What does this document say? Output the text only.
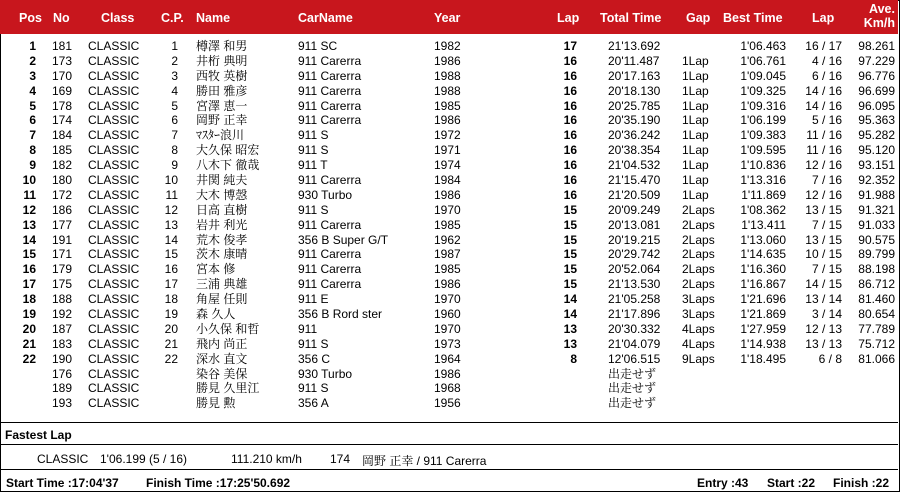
Pos No	Class C.P. Name	CarName	Year	Lap Total Time Gap Best Time Lap
Ave.
Km/h
1	181 CLASSIC	1 樽澤 和男	911 SC	1982	17	21'13.692	1'06.463	16 / 17	98.261
2	173 CLASSIC	2 井桁 典明	911 Carerra	1986	16	20'11.487 1Lap	1'06.761	4 / 16	97.229
3	170 CLASSIC	3 西牧 英樹	911 Carerra	1988	16	20'17.163 1Lap	1'09.045	6 / 16	96.776
4	169 CLASSIC	4 勝田 雅彦	911 Carerra	1988	16	20'18.130 1Lap	1'09.325	14 / 16	96.699
5	178 CLASSIC	5 宮澤 恵一	911 Carerra	1985	16	20'25.785 1Lap	1'09.316	14 / 16	96.095
6	174 CLASSIC	6 岡野 正幸	911 Carerra	1986	16	20'35.190 1Lap	1'06.199	5 / 16	95.363
7	184 CLASSIC	7 ﾏｽﾀｰ浪川	911 S	1972	16	20'36.242 1Lap	1'09.383	11 / 16	95.282
8	185 CLASSIC	8 大久保 昭宏	911 S	1971	16	20'38.354 1Lap	1'09.595	11 / 16	95.120
9	182 CLASSIC	9 八木下 徹哉	911 T	1974	16	21'04.532 1Lap	1'10.836	12 / 16	93.151
10	180 CLASSIC	10 井関 純夫	911 Carerra	1984	16	21'15.470 1Lap	1'13.316	7 / 16	92.352
11	172 CLASSIC	11 大木 博愨	930 Turbo	1986	16	21'20.509 1Lap	1'11.869	12 / 16	91.988
12	186 CLASSIC	12 日高 直樹	911 S	1970	15	20'09.249 2Laps	1'08.362	13 / 15	91.321
13	177 CLASSIC	13 岩井 利光	911 Carerra	1985	15	20'13.081 2Laps	1'13.411	7 / 15	91.033
14	191 CLASSIC	14 荒木 俊孝	356 B Super G/T	1962	15	20'19.215 2Laps	1'13.060	13 / 15	90.575
15	171 CLASSIC	15 茨木 康晴	911 Carerra	1987	15	20'29.742 2Laps	1'14.635	10 / 15	89.799
16	179 CLASSIC	16 宮本 修	911 Carerra	1985	15	20'52.064 2Laps	1'16.360	7 / 15	88.198
17	175 CLASSIC	17 三浦 典雄	911 Carerra	1986	15	21'13.530 2Laps	1'16.867	14 / 15	86.712
18	188 CLASSIC	18 角屋 任則	911 E	1970	14	21'05.258 3Laps	1'21.696	13 / 14	81.460
19	192 CLASSIC	19 森 久人	356 B Rord ster	1960	14	21'17.896 3Laps	1'21.869	3 / 14	80.654
20	187 CLASSIC	20 小久保 和哲	911	1970	13	20'30.332 4Laps	1'27.959	12 / 13	77.789
21	183 CLASSIC	21 飛内 尚正	911 S	1973	13	21'04.079 4Laps	1'14.938	13 / 13	75.712
22	190 CLASSIC	22 深水 直文	356 C	1964	8	12'06.515 9Laps	1'18.495	6 / 8	81.066
176 CLASSIC	染谷 美保	930 Turbo	1986	出走せず
189 CLASSIC	勝見 久里江	911 S	1968	出走せず
193 CLASSIC	勝見 勲	356 A	1956	出走せず
Fastest Lap
CLASSIC 1'06.199 (5 / 16)	111.210 km/h 174 岡野 正幸 / 911 Carerra
Start Time :17:04'37 Finish Time :17:25'50.692	Entry :43 Start :22 Finish :22
